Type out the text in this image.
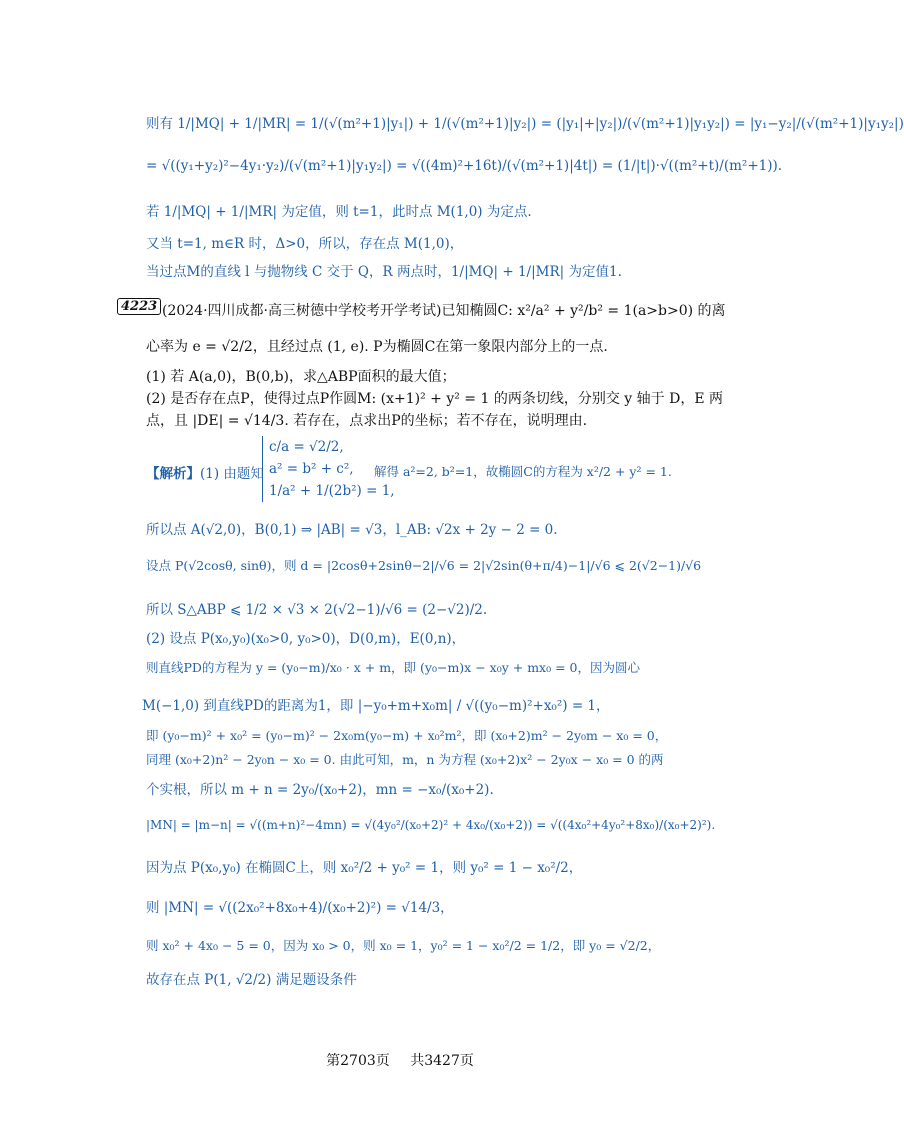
则有 1/|MQ| + 1/|MR| = 1/(√(m²+1)|y₁|) + 1/(√(m²+1)|y₂|) = (|y₁|+|y₂|)/(√(m²+1)|y₁y₂|) = |y₁−y₂|/(√(m²+1)|y₁y₂|)
= √((y₁+y₂)²−4y₁·y₂)/(√(m²+1)|y₁y₂|) = √((4m)²+16t)/(√(m²+1)|4t|) = (1/|t|)·√((m²+t)/(m²+1)).
若 1/|MQ| + 1/|MR| 为定值，则 t=1，此时点 M(1,0) 为定点.
又当 t=1, m∈R 时，Δ>0，所以，存在点 M(1,0)，
当过点M的直线 l 与抛物线 C 交于 Q，R 两点时，1/|MQ| + 1/|MR| 为定值1.
4223 (2024·四川成都·高三树德中学校考开学考试)已知椭圆C: x²/a² + y²/b² = 1(a>b>0) 的离
心率为 e = √2/2，且经过点 (1, e). P为椭圆C在第一象限内部分上的一点.
(1) 若 A(a,0)，B(0,b)，求△ABP面积的最大值；
(2) 是否存在点P，使得过点P作圆M: (x+1)² + y² = 1 的两条切线，分别交 y 轴于 D，E 两
点，且 |DE| = √14/3. 若存在，点求出P的坐标；若不存在，说明理由.
【解析】(1) 由题知
c/a = √2/2,
a² = b² + c²,
1/a² + 1/(2b²) = 1,
解得 a²=2, b²=1，故椭圆C的方程为 x²/2 + y² = 1.
所以点 A(√2,0)，B(0,1) ⇒ |AB| = √3，l_AB: √2x + 2y − 2 = 0.
设点 P(√2cosθ, sinθ)，则 d = |2cosθ+2sinθ−2|/√6 = 2|√2sin(θ+π/4)−1|/√6 ⩽ 2(√2−1)/√6
所以 S△ABP ⩽ 1/2 × √3 × 2(√2−1)/√6 = (2−√2)/2.
(2) 设点 P(x₀,y₀)(x₀>0, y₀>0)，D(0,m)，E(0,n)，
则直线PD的方程为 y = (y₀−m)/x₀ · x + m，即 (y₀−m)x − x₀y + mx₀ = 0，因为圆心
M(−1,0) 到直线PD的距离为1，即 |−y₀+m+x₀m| / √((y₀−m)²+x₀²) = 1，
即 (y₀−m)² + x₀² = (y₀−m)² − 2x₀m(y₀−m) + x₀²m²，即 (x₀+2)m² − 2y₀m − x₀ = 0，
同理 (x₀+2)n² − 2y₀n − x₀ = 0. 由此可知，m，n 为方程 (x₀+2)x² − 2y₀x − x₀ = 0 的两
个实根，所以 m + n = 2y₀/(x₀+2)，mn = −x₀/(x₀+2).
|MN| = |m−n| = √((m+n)²−4mn) = √(4y₀²/(x₀+2)² + 4x₀/(x₀+2)) = √((4x₀²+4y₀²+8x₀)/(x₀+2)²).
因为点 P(x₀,y₀) 在椭圆C上，则 x₀²/2 + y₀² = 1，则 y₀² = 1 − x₀²/2，
则 |MN| = √((2x₀²+8x₀+4)/(x₀+2)²) = √14/3，
则 x₀² + 4x₀ − 5 = 0，因为 x₀ > 0，则 x₀ = 1，y₀² = 1 − x₀²/2 = 1/2，即 y₀ = √2/2，
故存在点 P(1, √2/2) 满足题设条件
第2703页 共3427页
